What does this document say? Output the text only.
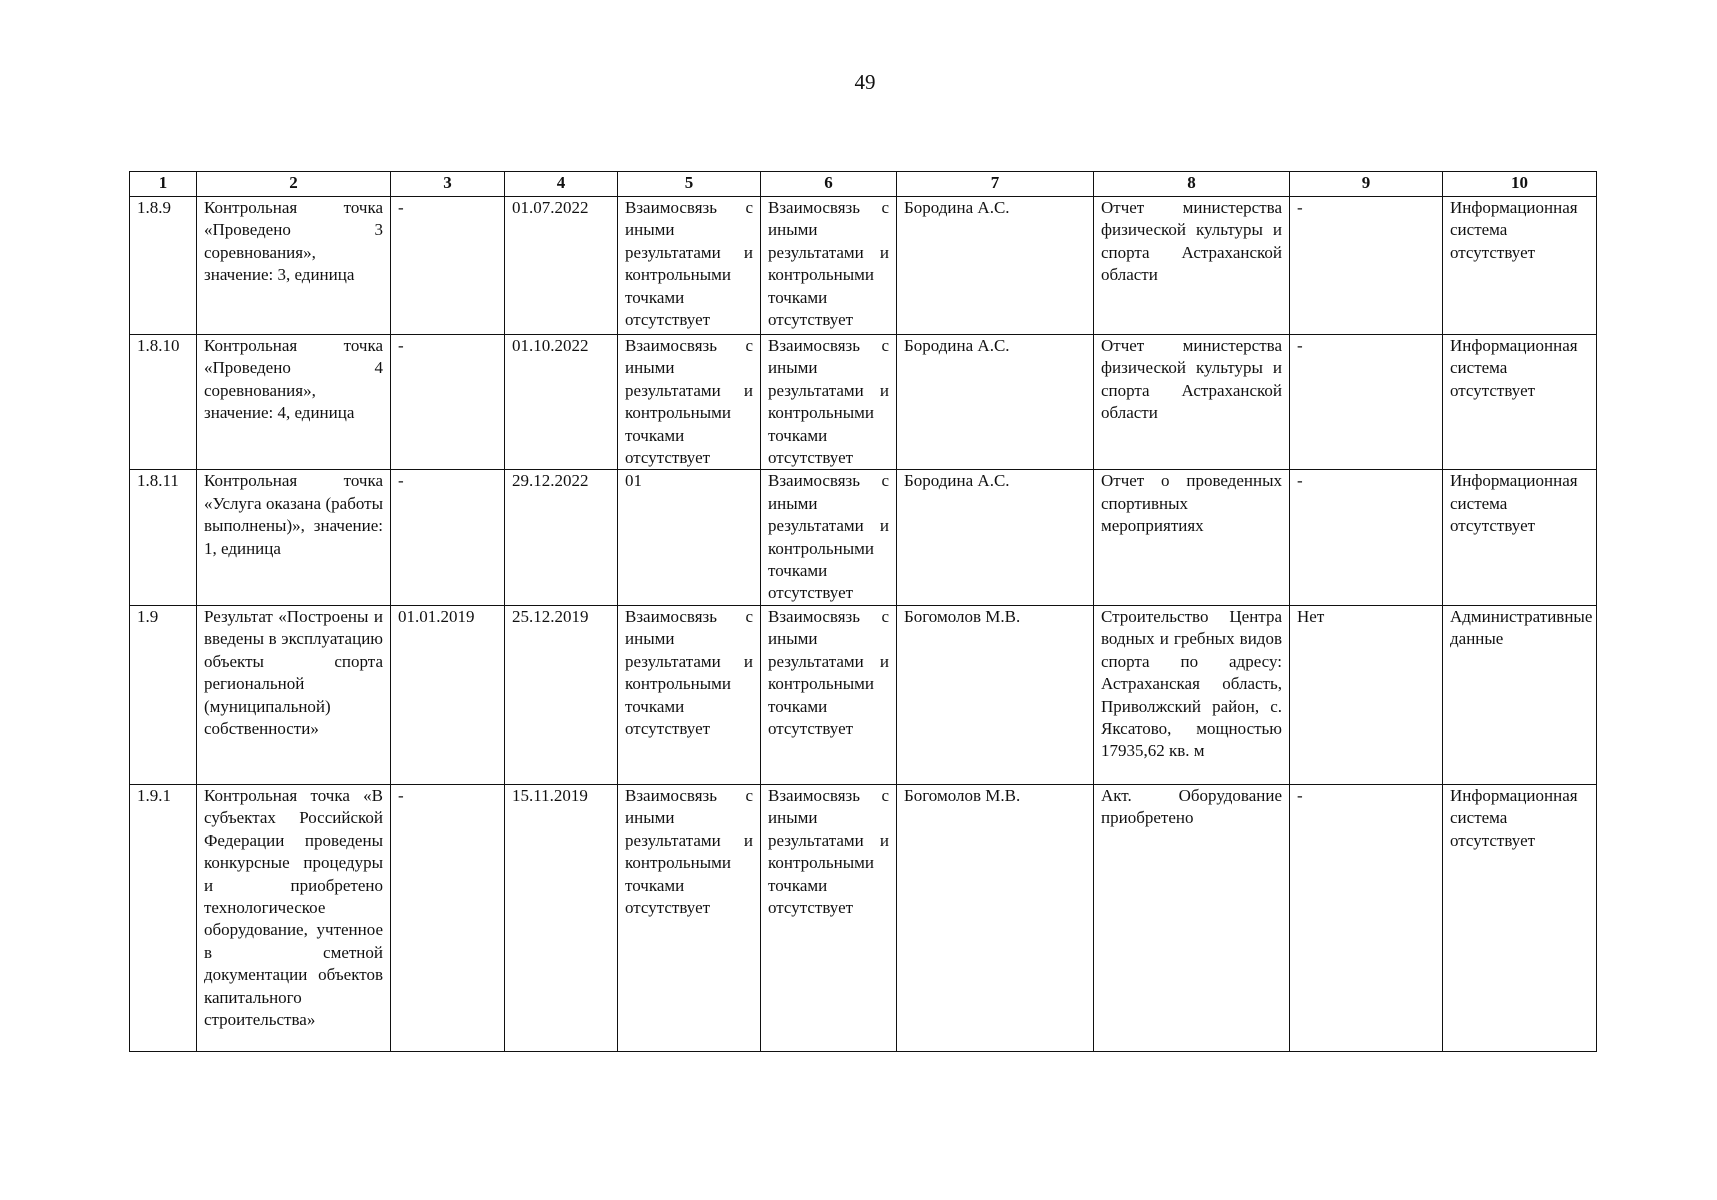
49
1	2	3	4	5	6	7	8	9	10
1.8.9	Контрольная точка «Проведено 3 соревнования», значение: 3, единица	-	01.07.2022	Взаимосвязь с иными результатами и контрольными точками отсутствует	Взаимосвязь с иными результатами и контрольными точками отсутствует	Бородина А.С.	Отчет министерства физической культуры и спорта Астраханской области	-	Информационная система отсутствует
1.8.10	Контрольная точка «Проведено 4 соревнования», значение: 4, единица	-	01.10.2022	Взаимосвязь с иными результатами и контрольными точками отсутствует	Взаимосвязь с иными результатами и контрольными точками отсутствует	Бородина А.С.	Отчет министерства физической культуры и спорта Астраханской области	-	Информационная система отсутствует
1.8.11	Контрольная точка «Услуга оказана (работы выполнены)», значение: 1, единица	-	29.12.2022	01	Взаимосвязь с иными результатами и контрольными точками отсутствует	Бородина А.С.	Отчет о проведенных спортивных мероприятиях	-	Информационная система отсутствует
1.9	Результат «Построены и введены в эксплуатацию объекты спорта региональной (муниципальной) собственности»	01.01.2019	25.12.2019	Взаимосвязь с иными результатами и контрольными точками отсутствует	Взаимосвязь с иными результатами и контрольными точками отсутствует	Богомолов М.В.	Строительство Центра водных и гребных видов спорта по адресу: Астраханская область, Приволжский район, с. Яксатово, мощностью 17935,62 кв. м	Нет	Административные данные
1.9.1	Контрольная точка «В субъектах Российской Федерации проведены конкурсные процедуры и приобретено технологическое оборудование, учтенное в сметной документации объектов капитального строительства»	-	15.11.2019	Взаимосвязь с иными результатами и контрольными точками отсутствует	Взаимосвязь с иными результатами и контрольными точками отсутствует	Богомолов М.В.	Акт. Оборудование приобретено	-	Информационная система отсутствует
